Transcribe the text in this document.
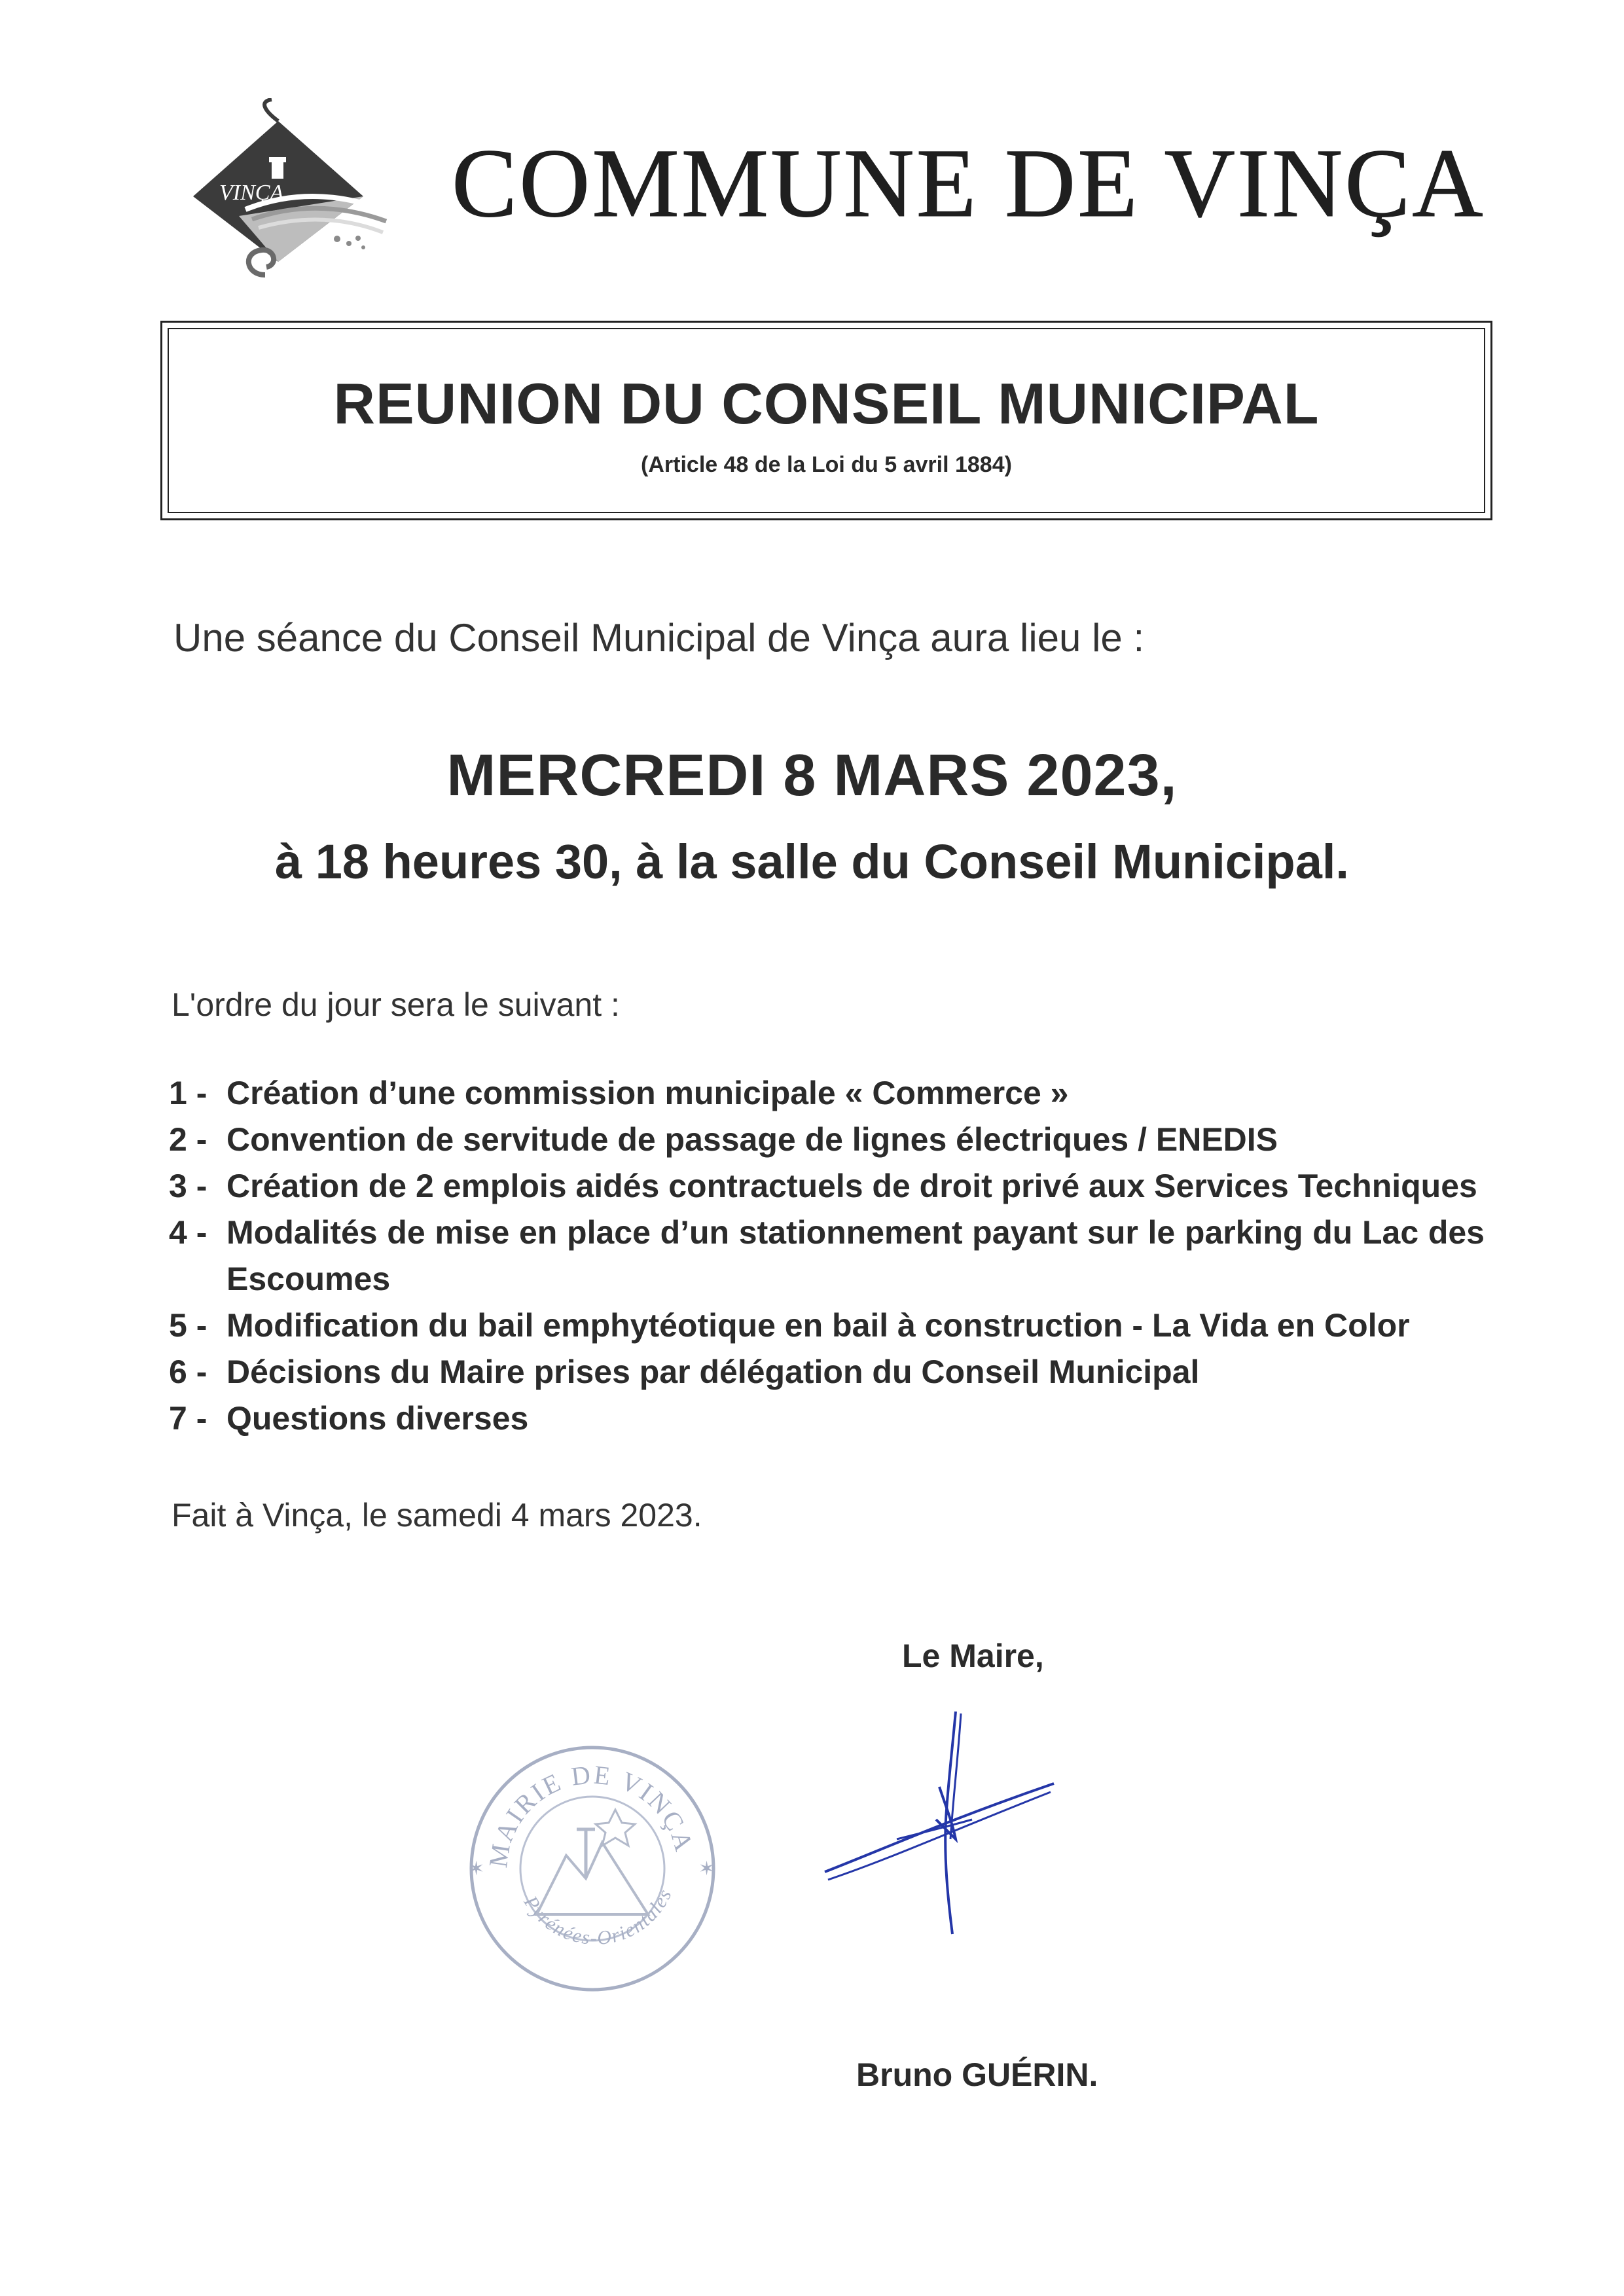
VINÇA COMMUNE DE VINÇA
REUNION DU CONSEIL MUNICIPAL
(Article 48 de la Loi du 5 avril 1884)
Une séance du Conseil Municipal de Vinça aura lieu le :
MERCREDI 8 MARS 2023,
à 18 heures 30, à la salle du Conseil Municipal.
L'ordre du jour sera le suivant :
1 - Création d’une commission municipale « Commerce »
2 - Convention de servitude de passage de lignes électriques / ENEDIS
3 - Création de 2 emplois aidés contractuels de droit privé aux Services Techniques
4 - Modalités de mise en place d’un stationnement payant sur le parking du Lac des Escoumes
5 - Modification du bail emphytéotique en bail à construction - La Vida en Color
6 - Décisions du Maire prises par délégation du Conseil Municipal
7 - Questions diverses
Fait à Vinça, le samedi 4 mars 2023.
Le Maire,
MAIRIE DE VINÇA
Pyrénées-Orientales
✶	✶
Bruno GUÉRIN.
